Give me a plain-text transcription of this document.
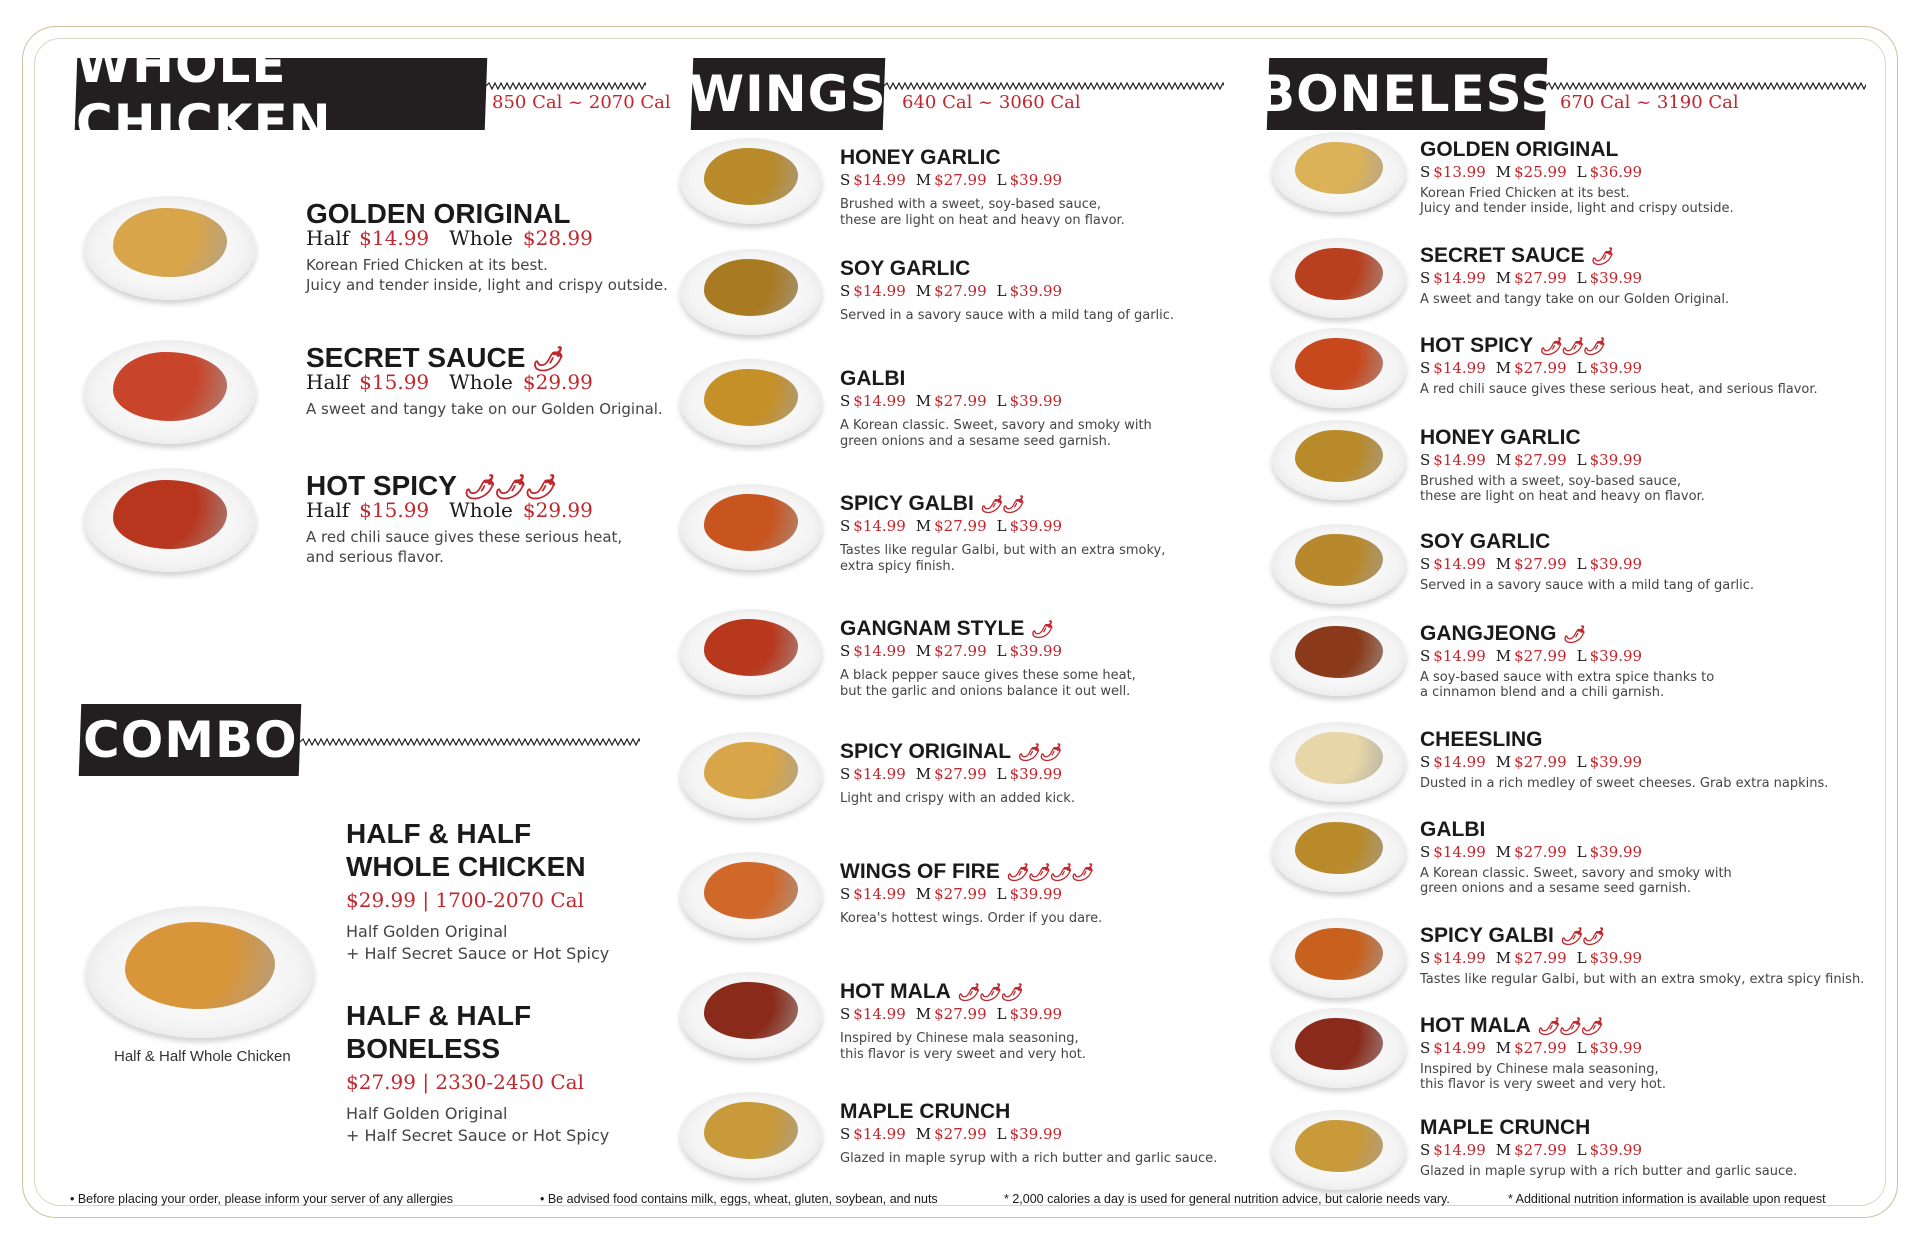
WHOLE CHICKEN	850 Cal ~ 2070 Cal WINGS 640 Cal ~ 3060 Cal	BONELESS 670 Cal ~ 3190 Cal
COMBO
GOLDEN ORIGINAL
Half $14.99 Whole $28.99
Korean Fried Chicken at its best.
Juicy and tender inside, light and crispy outside.
SECRET SAUCE 🌶
Half $15.99 Whole $29.99
A sweet and tangy take on our Golden Original.
HOT SPICY 🌶🌶🌶
Half $15.99 Whole $29.99
A red chili sauce gives these serious heat,
and serious flavor.
HALF & HALF
WHOLE CHICKEN
$29.99 | 1700-2070 Cal
Half Golden Original
+ Half Secret Sauce or Hot Spicy
HALF & HALF
BONELESS
$27.99 | 2330-2450 Cal
Half Golden Original
+ Half Secret Sauce or Hot Spicy
HONEY GARLIC
S $14.99 M $27.99 L $39.99
Brushed with a sweet, soy-based sauce,
these are light on heat and heavy on flavor.
SOY GARLIC
S $14.99 M $27.99 L $39.99
Served in a savory sauce with a mild tang of garlic.
GALBI
S $14.99 M $27.99 L $39.99
A Korean classic. Sweet, savory and smoky with
green onions and a sesame seed garnish.
SPICY GALBI 🌶🌶
S $14.99 M $27.99 L $39.99
Tastes like regular Galbi, but with an extra smoky,
extra spicy finish.
GANGNAM STYLE 🌶
S $14.99 M $27.99 L $39.99
A black pepper sauce gives these some heat,
but the garlic and onions balance it out well.
SPICY ORIGINAL 🌶🌶
S $14.99 M $27.99 L $39.99
Light and crispy with an added kick.
WINGS OF FIRE 🌶🌶🌶🌶
S $14.99 M $27.99 L $39.99
Korea's hottest wings. Order if you dare.
HOT MALA 🌶🌶🌶
S $14.99 M $27.99 L $39.99
Inspired by Chinese mala seasoning,
this flavor is very sweet and very hot.
MAPLE CRUNCH
S $14.99 M $27.99 L $39.99
Glazed in maple syrup with a rich butter and garlic sauce.
GOLDEN ORIGINAL
S $13.99 M $25.99 L $36.99
Korean Fried Chicken at its best.
Juicy and tender inside, light and crispy outside.
SECRET SAUCE 🌶
S $14.99 M $27.99 L $39.99
A sweet and tangy take on our Golden Original.
HOT SPICY 🌶🌶🌶
S $14.99 M $27.99 L $39.99
A red chili sauce gives these serious heat, and serious flavor.
HONEY GARLIC
S $14.99 M $27.99 L $39.99
Brushed with a sweet, soy-based sauce,
these are light on heat and heavy on flavor.
SOY GARLIC
S $14.99 M $27.99 L $39.99
Served in a savory sauce with a mild tang of garlic.
GANGJEONG 🌶
S $14.99 M $27.99 L $39.99
A soy-based sauce with extra spice thanks to
a cinnamon blend and a chili garnish.
CHEESLING
S $14.99 M $27.99 L $39.99
Dusted in a rich medley of sweet cheeses. Grab extra napkins.
GALBI
S $14.99 M $27.99 L $39.99
A Korean classic. Sweet, savory and smoky with
green onions and a sesame seed garnish.
SPICY GALBI 🌶🌶
S $14.99 M $27.99 L $39.99
Tastes like regular Galbi, but with an extra smoky, extra spicy finish.
HOT MALA 🌶🌶🌶
S $14.99 M $27.99 L $39.99
Inspired by Chinese mala seasoning,
this flavor is very sweet and very hot.
MAPLE CRUNCH
S $14.99 M $27.99 L $39.99
Glazed in maple syrup with a rich butter and garlic sauce.
• Before placing your order, please inform your server of any allergies	• Be advised food contains milk, eggs, wheat, gluten, soybean, and nuts	* 2,000 calories a day is used for general nutrition advice, but calorie needs vary.	* Additional nutrition information is available upon request
Half & Half Whole Chicken
